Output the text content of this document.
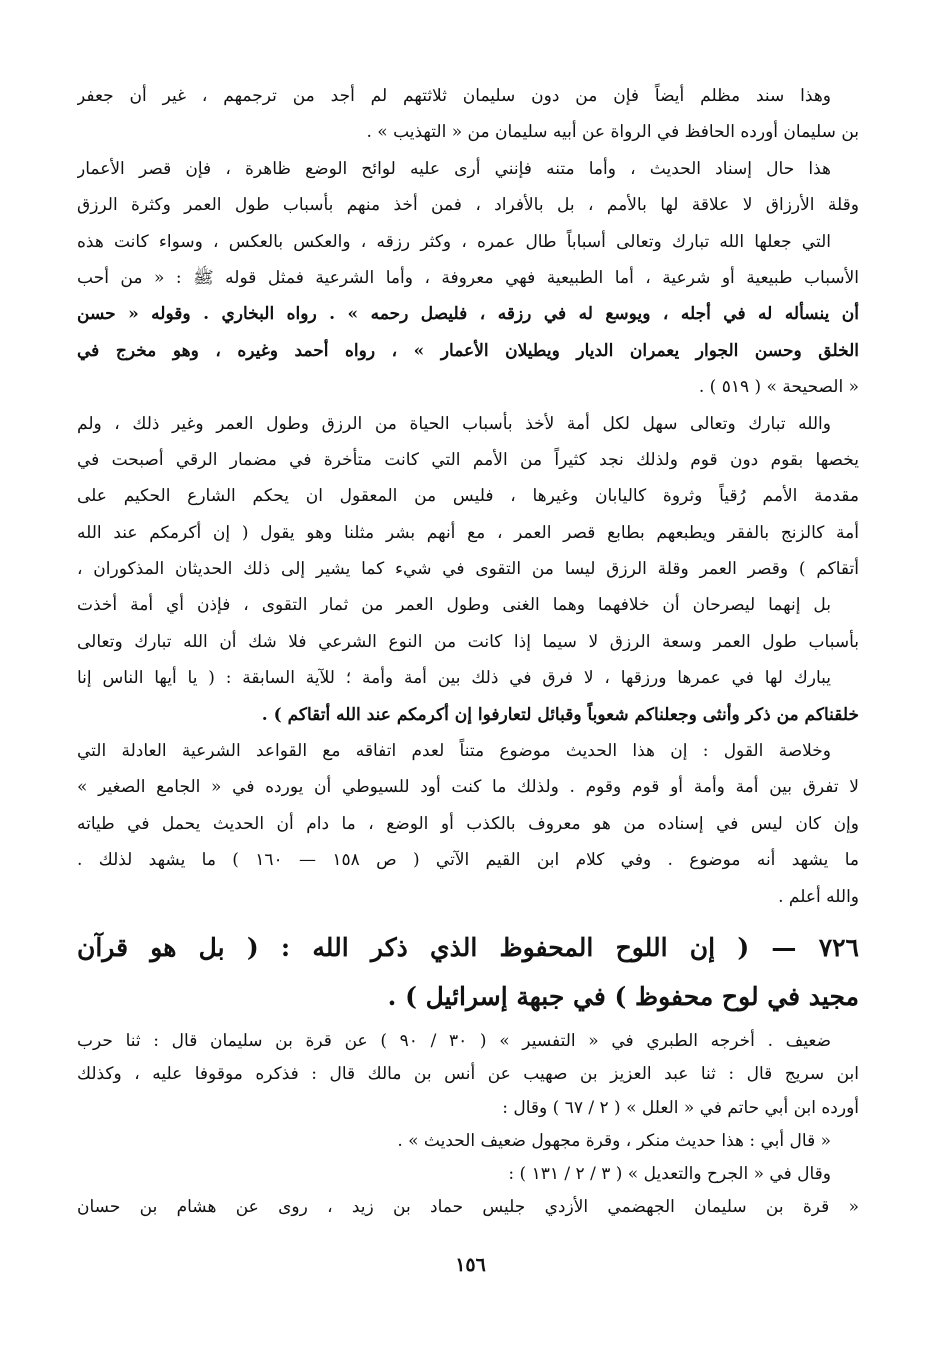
وهذا سند مظلم أيضاً فإن من دون سليمان ثلاثتهم لم أجد من ترجمهم ، غير أن جعفر
بن سليمان أورده الحافظ في الرواة عن أبيه سليمان من « التهذيب » .

هذا حال إسناد الحديث ، وأما متنه فإنني أرى عليه لوائح الوضع ظاهرة ، فإن قصر الأعمار
وقلة الأرزاق لا علاقة لها بالأمم ، بل بالأفراد ، فمن أخذ منهم بأسباب طول العمر وكثرة الرزق
التي جعلها الله تبارك وتعالى أسباباً طال عمره ، وكثر رزقه ، والعكس بالعكس ، وسواء كانت هذه
الأسباب طبيعية أو شرعية ، أما الطبيعية فهي معروفة ، وأما الشرعية فمثل قوله ﷺ : « من أحب
أن ينسأله له في أجله ، ويوسع له في رزقه ، فليصل رحمه » . رواه البخاري . وقوله « حسن
الخلق وحسن الجوار يعمران الديار ويطيلان الأعمار » ، رواه أحمد وغيره ، وهو مخرج في
« الصحيحة » ( ٥١٩ ) .

والله تبارك وتعالى سهل لكل أمة لأخذ بأسباب الحياة من الرزق وطول العمر وغير ذلك ، ولم
يخصها بقوم دون قوم ولذلك نجد كثيراً من الأمم التي كانت متأخرة في مضمار الرقي أصبحت في
مقدمة الأمم رُقياً وثروة كاليابان وغيرها ، فليس من المعقول ان يحكم الشارع الحكيم على
أمة كالزنج بالفقر ويطبعهم بطابع قصر العمر ، مع أنهم بشر مثلنا وهو يقول ( إن أكرمكم عند الله
أتقاكم ) وقصر العمر وقلة الرزق ليسا من التقوى في شيء كما يشير إلى ذلك الحديثان المذكوران ،
بل إنهما ليصرحان أن خلافهما وهما الغنى وطول العمر من ثمار التقوى ، فإذن أي أمة أخذت
بأسباب طول العمر وسعة الرزق لا سيما إذا كانت من النوع الشرعي فلا شك أن الله تبارك وتعالى
يبارك لها في عمرها ورزقها ، لا فرق في ذلك بين أمة وأمة ؛ للآية السابقة : ( يا أيها الناس إنا
خلقناكم من ذكر وأنثى وجعلناكم شعوباً وقبائل لتعارفوا إن أكرمكم عند الله أتقاكم ) .

وخلاصة القول : إن هذا الحديث موضوع متناً لعدم اتفاقه مع القواعد الشرعية العادلة التي
لا تفرق بين أمة وأمة أو قوم وقوم . ولذلك ما كنت أود للسيوطي أن يورده في « الجامع الصغير »
وإن كان ليس في إسناده من هو معروف بالكذب أو الوضع ، ما دام أن الحديث يحمل في طياته
ما يشهد أنه موضوع . وفي كلام ابن القيم الآتي ( ص ١٥٨ — ١٦٠ ) ما يشهد لذلك .
والله أعلم .

٧٢٦ — ( إن اللوح المحفوظ الذي ذكر الله : ( بل هو قرآن
مجيد في لوح محفوظ ) في جبهة إسرائيل ) .

ضعيف . أخرجه الطبري في « التفسير » ( ٣٠ / ٩٠ ) عن قرة بن سليمان قال : ثنا حرب
ابن سريج قال : ثنا عبد العزيز بن صهيب عن أنس بن مالك قال : فذكره موقوفا عليه ، وكذلك
أورده ابن أبي حاتم في « العلل » ( ٢ / ٦٧ ) وقال :
« قال أبي : هذا حديث منكر ، وقرة مجهول ضعيف الحديث » .
وقال في « الجرح والتعديل » ( ٣ / ٢ / ١٣١ ) :
« قرة بن سليمان الجهضمي الأزدي جليس حماد بن زيد ، روى عن هشام بن حسان

١٥٦
